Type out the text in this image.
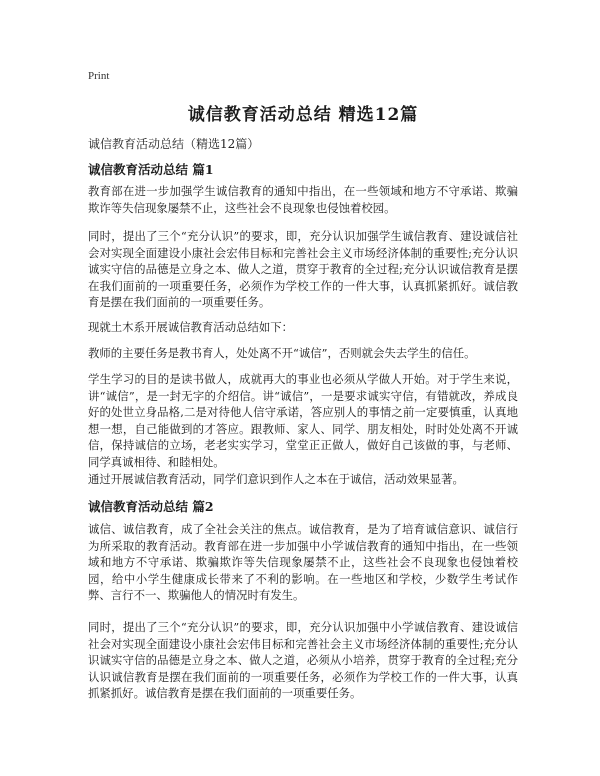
Print
诚信教育活动总结 精选12篇
诚信教育活动总结（精选12篇）
诚信教育活动总结 篇1
教育部在进一步加强学生诚信教育的通知中指出，在一些领域和地方不守承诺、欺骗欺诈等失信现象屡禁不止，这些社会不良现象也侵蚀着校园。
同时，提出了三个“充分认识”的要求，即，充分认识加强学生诚信教育、建设诚信社会对实现全面建设小康社会宏伟目标和完善社会主义市场经济体制的重要性;充分认识诚实守信的品德是立身之本、做人之道，贯穿于教育的全过程;充分认识诚信教育是摆在我们面前的一项重要任务，必须作为学校工作的一件大事，认真抓紧抓好。诚信教育是摆在我们面前的一项重要任务。
现就土木系开展诚信教育活动总结如下：
教师的主要任务是教书育人，处处离不开“诚信”，否则就会失去学生的信任。
学生学习的目的是读书做人，成就再大的事业也必须从学做人开始。对于学生来说，讲“诚信”，是一封无字的介绍信。讲“诚信”，一是要求诚实守信，有错就改，养成良好的处世立身品格,二是对待他人信守承诺，答应别人的事情之前一定要慎重，认真地想一想，自己能做到的才答应。跟教师、家人、同学、朋友相处，时时处处离不开诚信，保持诚信的立场，老老实实学习，堂堂正正做人，做好自己该做的事，与老师、同学真诚相待、和睦相处。
通过开展诚信教育活动，同学们意识到作人之本在于诚信，活动效果显著。
诚信教育活动总结 篇2
诚信、诚信教育，成了全社会关注的焦点。诚信教育，是为了培育诚信意识、诚信行为所采取的教育活动。教育部在进一步加强中小学诚信教育的通知中指出，在一些领域和地方不守承诺、欺骗欺诈等失信现象屡禁不止，这些社会不良现象也侵蚀着校园，给中小学生健康成长带来了不利的影响。在一些地区和学校，少数学生考试作弊、言行不一、欺骗他人的情况时有发生。
同时，提出了三个“充分认识”的要求，即，充分认识加强中小学诚信教育、建设诚信社会对实现全面建设小康社会宏伟目标和完善社会主义市场经济体制的重要性;充分认识诚实守信的品德是立身之本、做人之道，必须从小培养，贯穿于教育的全过程;充分认识诚信教育是摆在我们面前的一项重要任务，必须作为学校工作的一件大事，认真抓紧抓好。诚信教育是摆在我们面前的一项重要任务。
